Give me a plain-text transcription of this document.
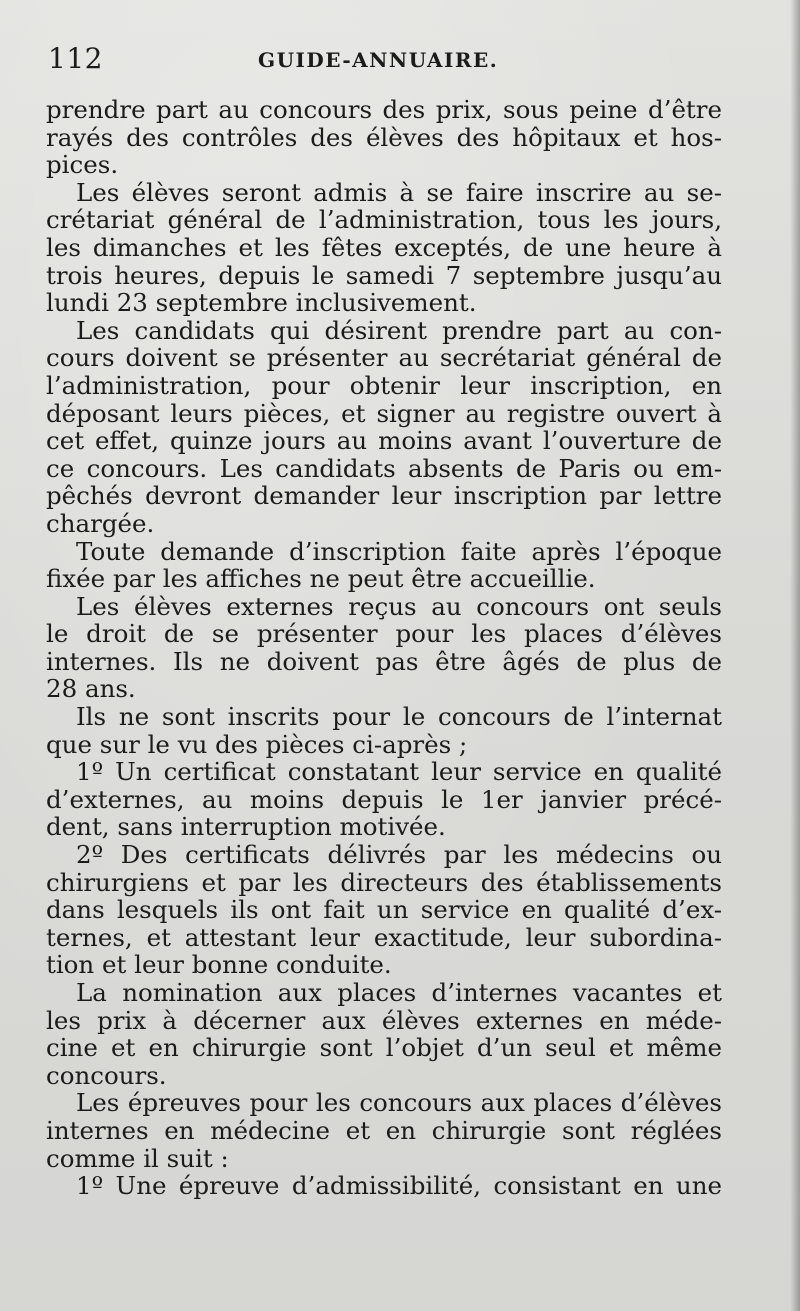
112	GUIDE-ANNUAIRE.
prendre part au concours des prix, sous peine d’être
rayés des contrôles des élèves des hôpitaux et hos-
pices.
Les élèves seront admis à se faire inscrire au se-
crétariat général de l’administration, tous les jours,
les dimanches et les fêtes exceptés, de une heure à
trois heures, depuis le samedi 7 septembre jusqu’au
lundi 23 septembre inclusivement.
Les candidats qui désirent prendre part au con-
cours doivent se présenter au secrétariat général de
l’administration, pour obtenir leur inscription, en
déposant leurs pièces, et signer au registre ouvert à
cet effet, quinze jours au moins avant l’ouverture de
ce concours. Les candidats absents de Paris ou em-
pêchés devront demander leur inscription par lettre
chargée.
Toute demande d’inscription faite après l’époque
fixée par les affiches ne peut être accueillie.
Les élèves externes reçus au concours ont seuls
le droit de se présenter pour les places d’élèves
internes. Ils ne doivent pas être âgés de plus de
28 ans.
Ils ne sont inscrits pour le concours de l’internat
que sur le vu des pièces ci-après ;
1º Un certificat constatant leur service en qualité
d’externes, au moins depuis le 1er janvier précé-
dent, sans interruption motivée.
2º Des certificats délivrés par les médecins ou
chirurgiens et par les directeurs des établissements
dans lesquels ils ont fait un service en qualité d’ex-
ternes, et attestant leur exactitude, leur subordina-
tion et leur bonne conduite.
La nomination aux places d’internes vacantes et
les prix à décerner aux élèves externes en méde-
cine et en chirurgie sont l’objet d’un seul et même
concours.
Les épreuves pour les concours aux places d’élèves
internes en médecine et en chirurgie sont réglées
comme il suit :
1º Une épreuve d’admissibilité, consistant en une
